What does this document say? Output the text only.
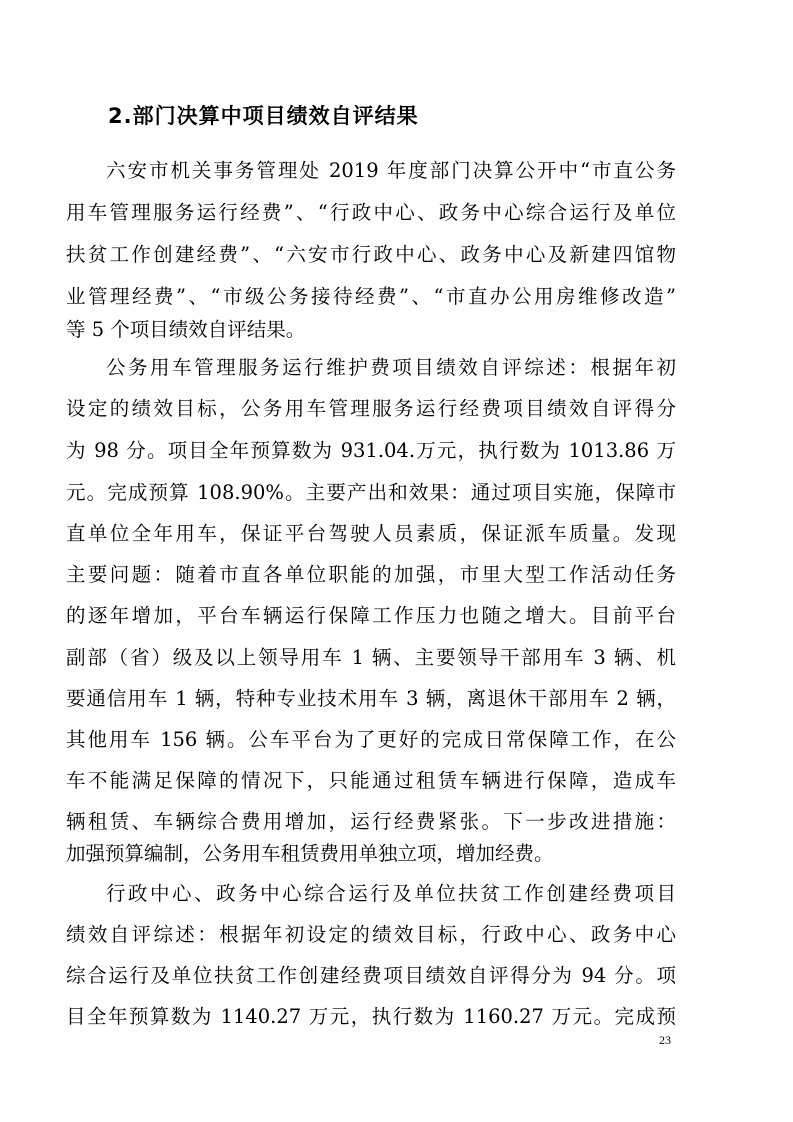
2.部门决算中项目绩效自评结果
六安市机关事务管理处 2019 年度部门决算公开中“市直公务
用车管理服务运行经费”、“行政中心、政务中心综合运行及单位
扶贫工作创建经费”、“六安市行政中心、政务中心及新建四馆物
业管理经费”、“市级公务接待经费”、“市直办公用房维修改造”
等 5 个项目绩效自评结果。
公务用车管理服务运行维护费项目绩效自评综述：根据年初
设定的绩效目标，公务用车管理服务运行经费项目绩效自评得分
为 98 分。项目全年预算数为 931.04.万元，执行数为 1013.86 万
元。完成预算 108.90%。主要产出和效果：通过项目实施，保障市
直单位全年用车，保证平台驾驶人员素质，保证派车质量。发现
主要问题：随着市直各单位职能的加强，市里大型工作活动任务
的逐年增加，平台车辆运行保障工作压力也随之增大。目前平台
副部（省）级及以上领导用车 1 辆、主要领导干部用车 3 辆、机
要通信用车 1 辆，特种专业技术用车 3 辆，离退休干部用车 2 辆，
其他用车 156 辆。公车平台为了更好的完成日常保障工作，在公
车不能满足保障的情况下，只能通过租赁车辆进行保障，造成车
辆租赁、车辆综合费用增加，运行经费紧张。下一步改进措施：
加强预算编制，公务用车租赁费用单独立项，增加经费。
行政中心、政务中心综合运行及单位扶贫工作创建经费项目
绩效自评综述：根据年初设定的绩效目标，行政中心、政务中心
综合运行及单位扶贫工作创建经费项目绩效自评得分为 94 分。项
目全年预算数为 1140.27 万元，执行数为 1160.27 万元。完成预
23
